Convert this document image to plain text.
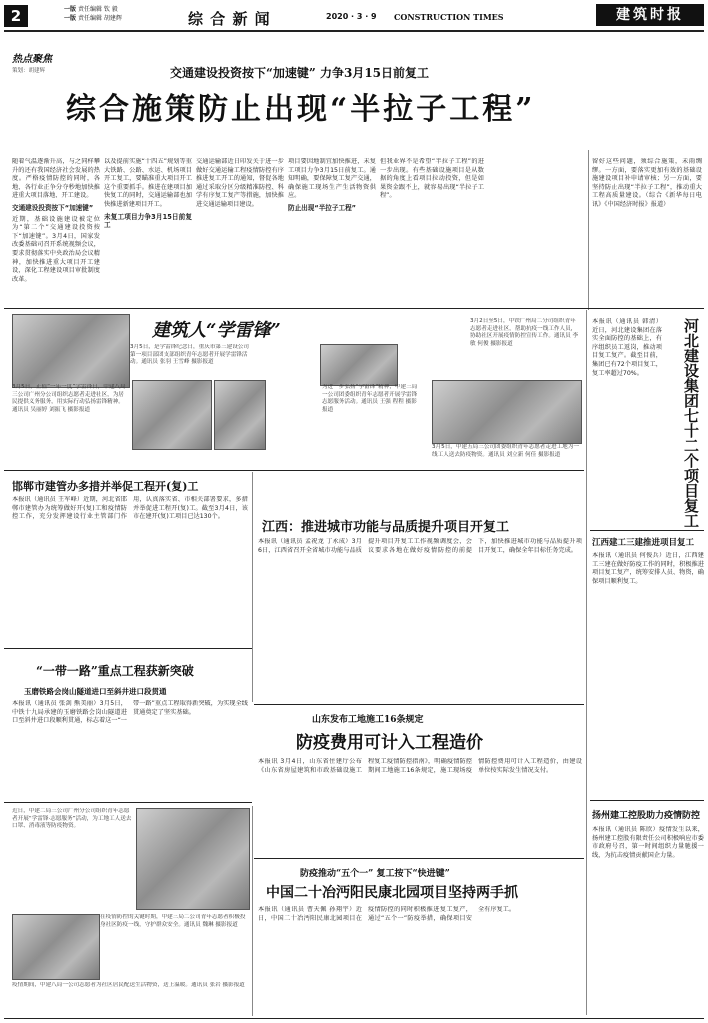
2	一版 责任编辑 钦 毅
一版 责任编辑 胡建辉	综 合 新 闻	2020 · 3 · 9 CONSTRUCTION TIMES	建筑时报
热点聚焦
策划：胡建辉	交通建设投资按下“加速键” 力争3月15日前复工
综合施策防止出现“半拉子工程”
随着气温逐渐升高，与之同样攀升的还有我国经济社会发展的热度。严格疫情防控的同时，各地、各行业正争分夺秒地加快推进重大项目落地、开工建设。
交通建设投资按下“加速键”
近期，基础设施建设被定位为“第二个”交通建设投资按下“加速键”。3月4日，国家发改委基础司召开系统视频会议，要求贯彻落实中央政治局会议精神，加快推进重大项目开工建设，深化工程建设项目审批制度改革。
以及提前实施“十四五”规划等重大铁路、公路、水运、机场项目开工复工，要瞄准重大项目开工这个重要抓手。推进在建项目加快复工的同时，交通运输部也加快推进新建项目开工。
未复工项目力争3月15日前复工
交通运输部近日印发关于进一步做好交通运输工程疫情防控有序推进复工开工的通知，督促各地通过采取分区分级精准防控、科学有序复工复产等措施，加快推进交通运输项目建设。
项目要因地制宜加快推进，未复工项目力争3月15日前复工。通知明确，要保障复工复产交通，确保施工现场生产生活物资供应。
防止出现“半拉子工程”
但我业界不是希望“半拉子工程”的进一步出现。有些基础设施项目是从数据的角度上看项目拉动投资，但是如果资金跟不上，就容易出现“半拉子工程”。
留好这些问题，须综合施策，未雨绸缪。一方面，要落实更加有效的基础设施建设项目补申请审核；另一方面，要坚持防止出现“半拉子工程”，推动重大工程高质量建设。（综合《新华每日电讯》《中国经济时报》报道）
建筑人“学雷锋”
3月5日，正值“一年一度”学雷锋日，中建八局三公司广州分公司组织志愿者走进社区，为居民提供义务服务，用实际行动弘扬雷锋精神。通讯员 吴丽婷 刘振飞 摄影报道
3月5日，是学雷锋纪念日，重庆市第三建设公司第一项目部团支部组织青年志愿者开展学雷锋活动。通讯员 张羽 王雪峰 摄影报道
为进一步弘扬“学雷锋”精神，中建三局一公司团委组织青年志愿者开展学雷锋志愿服务活动。通讯员 王强 程程 摄影报道
3月2日至5日，中铁广州局二分司组织青年志愿者走进社区，帮助抗疫一线工作人员，协助社区开展疫情防控宣传工作。通讯员 李敏 何俊 摄影报道
3月5日，中建五局三公司团委组织青年志愿者走进工地为一线工人送去防疫物资。通讯员 刘立新 何佳 摄影报道
本报讯（通讯员 韩清）近日，河北建设集团在落实全面防控的基础上，有序组织员工返岗，推动项目复工复产。截至目前，集团已有72个项目复工，复工率超过70%。	河北建设集团七十二个项目复工
江西建工三建推进项目复工
本报讯（通讯员 何俊兵）近日，江西建工三建在做好防疫工作的同时，积极推进项目复工复产，统筹安排人员、物资，确保项目顺利复工。
扬州建工控股助力疫情防控
本报讯（通讯员 陈欣）疫情发生以来，扬州建工控股有限责任公司积极响应市委市政府号召，第一时间组织力量驰援一线，为抗击疫情贡献国企力量。
邯郸市建管办多措并举促工程开(复)工
本报讯（通讯员 王军峰）近期，河北省邯郸市建管办为统筹做好开(复)工和疫情防控工作，充分发挥建设行业主管部门作用，认真落实省、市相关部署要求，多措并举促进工程开(复)工。截至3月4日，该市在建开(复)工项目已达130个。
“一带一路”重点工程获新突破
玉磨铁路会岗山隧道进口至斜井进口段贯通
本报讯（通讯员 张剑 熊美丽）3月5日，中铁十九局承建的玉磨铁路会岗山隧道进口至斜井进口段顺利贯通，标志着这一“一带一路”重点工程取得新突破，为实现全线贯通奠定了坚实基础。
江西：推进城市功能与品质提升项目开复工
本报讯（通讯员 孟祝龙 丁永成）3月6日，江西省召开全省城市功能与品质提升项目开复工工作视频调度会，会议要求各地在做好疫情防控的前提下，加快推进城市功能与品质提升项目开复工，确保全年目标任务完成。
山东发布工地施工16条规定
防疫费用可计入工程造价
本报讯 3月4日，山东省住建厅公布《山东省房屋建筑和市政基础设施工程复工疫情防控指南》，明确疫情防控期间工地施工16条规定，施工现场疫情防控费用可计入工程造价，由建设单位按实际发生情况支付。
近日，中建二局三公司广州分公司组织青年志愿者开展“学雷锋·志愿服务”活动，为工地工人送去口罩、消毒液等防疫物资。
在疫情防控的关键时期，中建三局二公司青年志愿者积极投身社区防疫一线，守护群众安全。通讯员 魏琳 摄影报道
疫情期间，中建八局一公司志愿者为社区居民配送生活物资，送上温暖。通讯员 张岩 摄影报道
防疫推动“五个一” 复工按下“快进键”
中国二十冶沔阳民康北园项目坚持两手抓
本报讯（通讯员 曹天佩 孙翔宇）近日，中国二十冶沔阳民康北园项目在疫情防控的同时积极推进复工复产，通过“五个一”防疫举措，确保项目安全有序复工。
